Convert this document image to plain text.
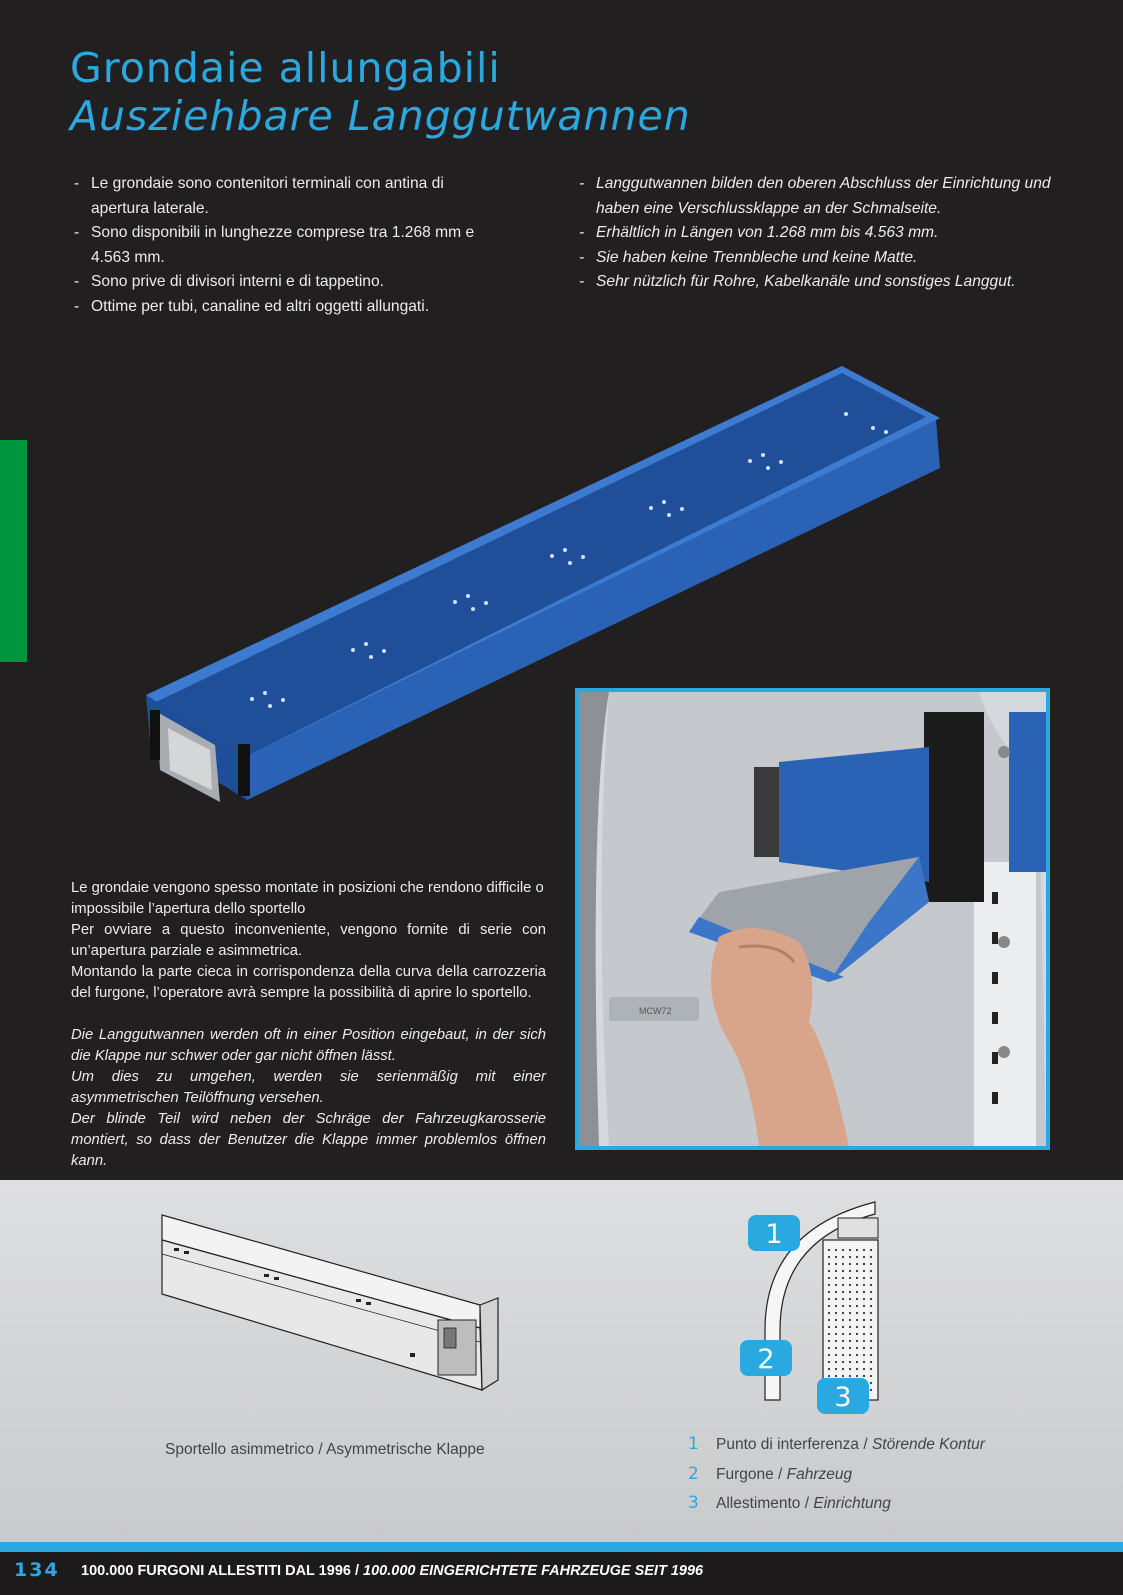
Grondaie allungabili
Ausziehbare Langgutwannen
- Le grondaie sono contenitori terminali con antina di apertura laterale.
- Sono disponibili in lunghezze comprese tra 1.268 mm e 4.563 mm.
- Sono prive di divisori interni e di tappetino.
- Ottime per tubi, canaline ed altri oggetti allungati.
- Langgutwannen bilden den oberen Abschluss der Einrichtung und haben eine Verschlussklappe an der Schmalseite.
- Erhältlich in Längen von 1.268 mm bis 4.563 mm.
- Sie haben keine Trennbleche und keine Matte.
- Sehr nützlich für Rohre, Kabelkanäle und sonstiges Langgut.

Le grondaie vengono spesso montate in posizioni che rendono difficile o impossibile l’apertura dello sportello

Per ovviare a questo inconveniente, vengono fornite di serie con un’apertura parziale e asimmetrica.

Montando la parte cieca in corrispondenza della curva della carrozzeria del furgone, l’operatore avrà sempre la possibilità di aprire lo sportello.

Die Langgutwannen werden oft in einer Position eingebaut, in der sich die Klappe nur schwer oder gar nicht öffnen lässt.

Um dies zu umgehen, werden sie serienmäßig mit einer asymmetrischen Teilöffnung versehen.

Der blinde Teil wird neben der Schräge der Fahrzeugkarosserie montiert, so dass der Benutzer die Klappe immer problemlos öffnen kann.

MCW72
Sportello asimmetrico / Asymmetrische Klappe
1
2
3
1 Punto di interferenza / Störende Kontur
2 Furgone / Fahrzeug
3 Allestimento / Einrichtung
134 100.000 FURGONI ALLESTITI DAL 1996 / 100.000 EINGERICHTETE FAHRZEUGE SEIT 1996
